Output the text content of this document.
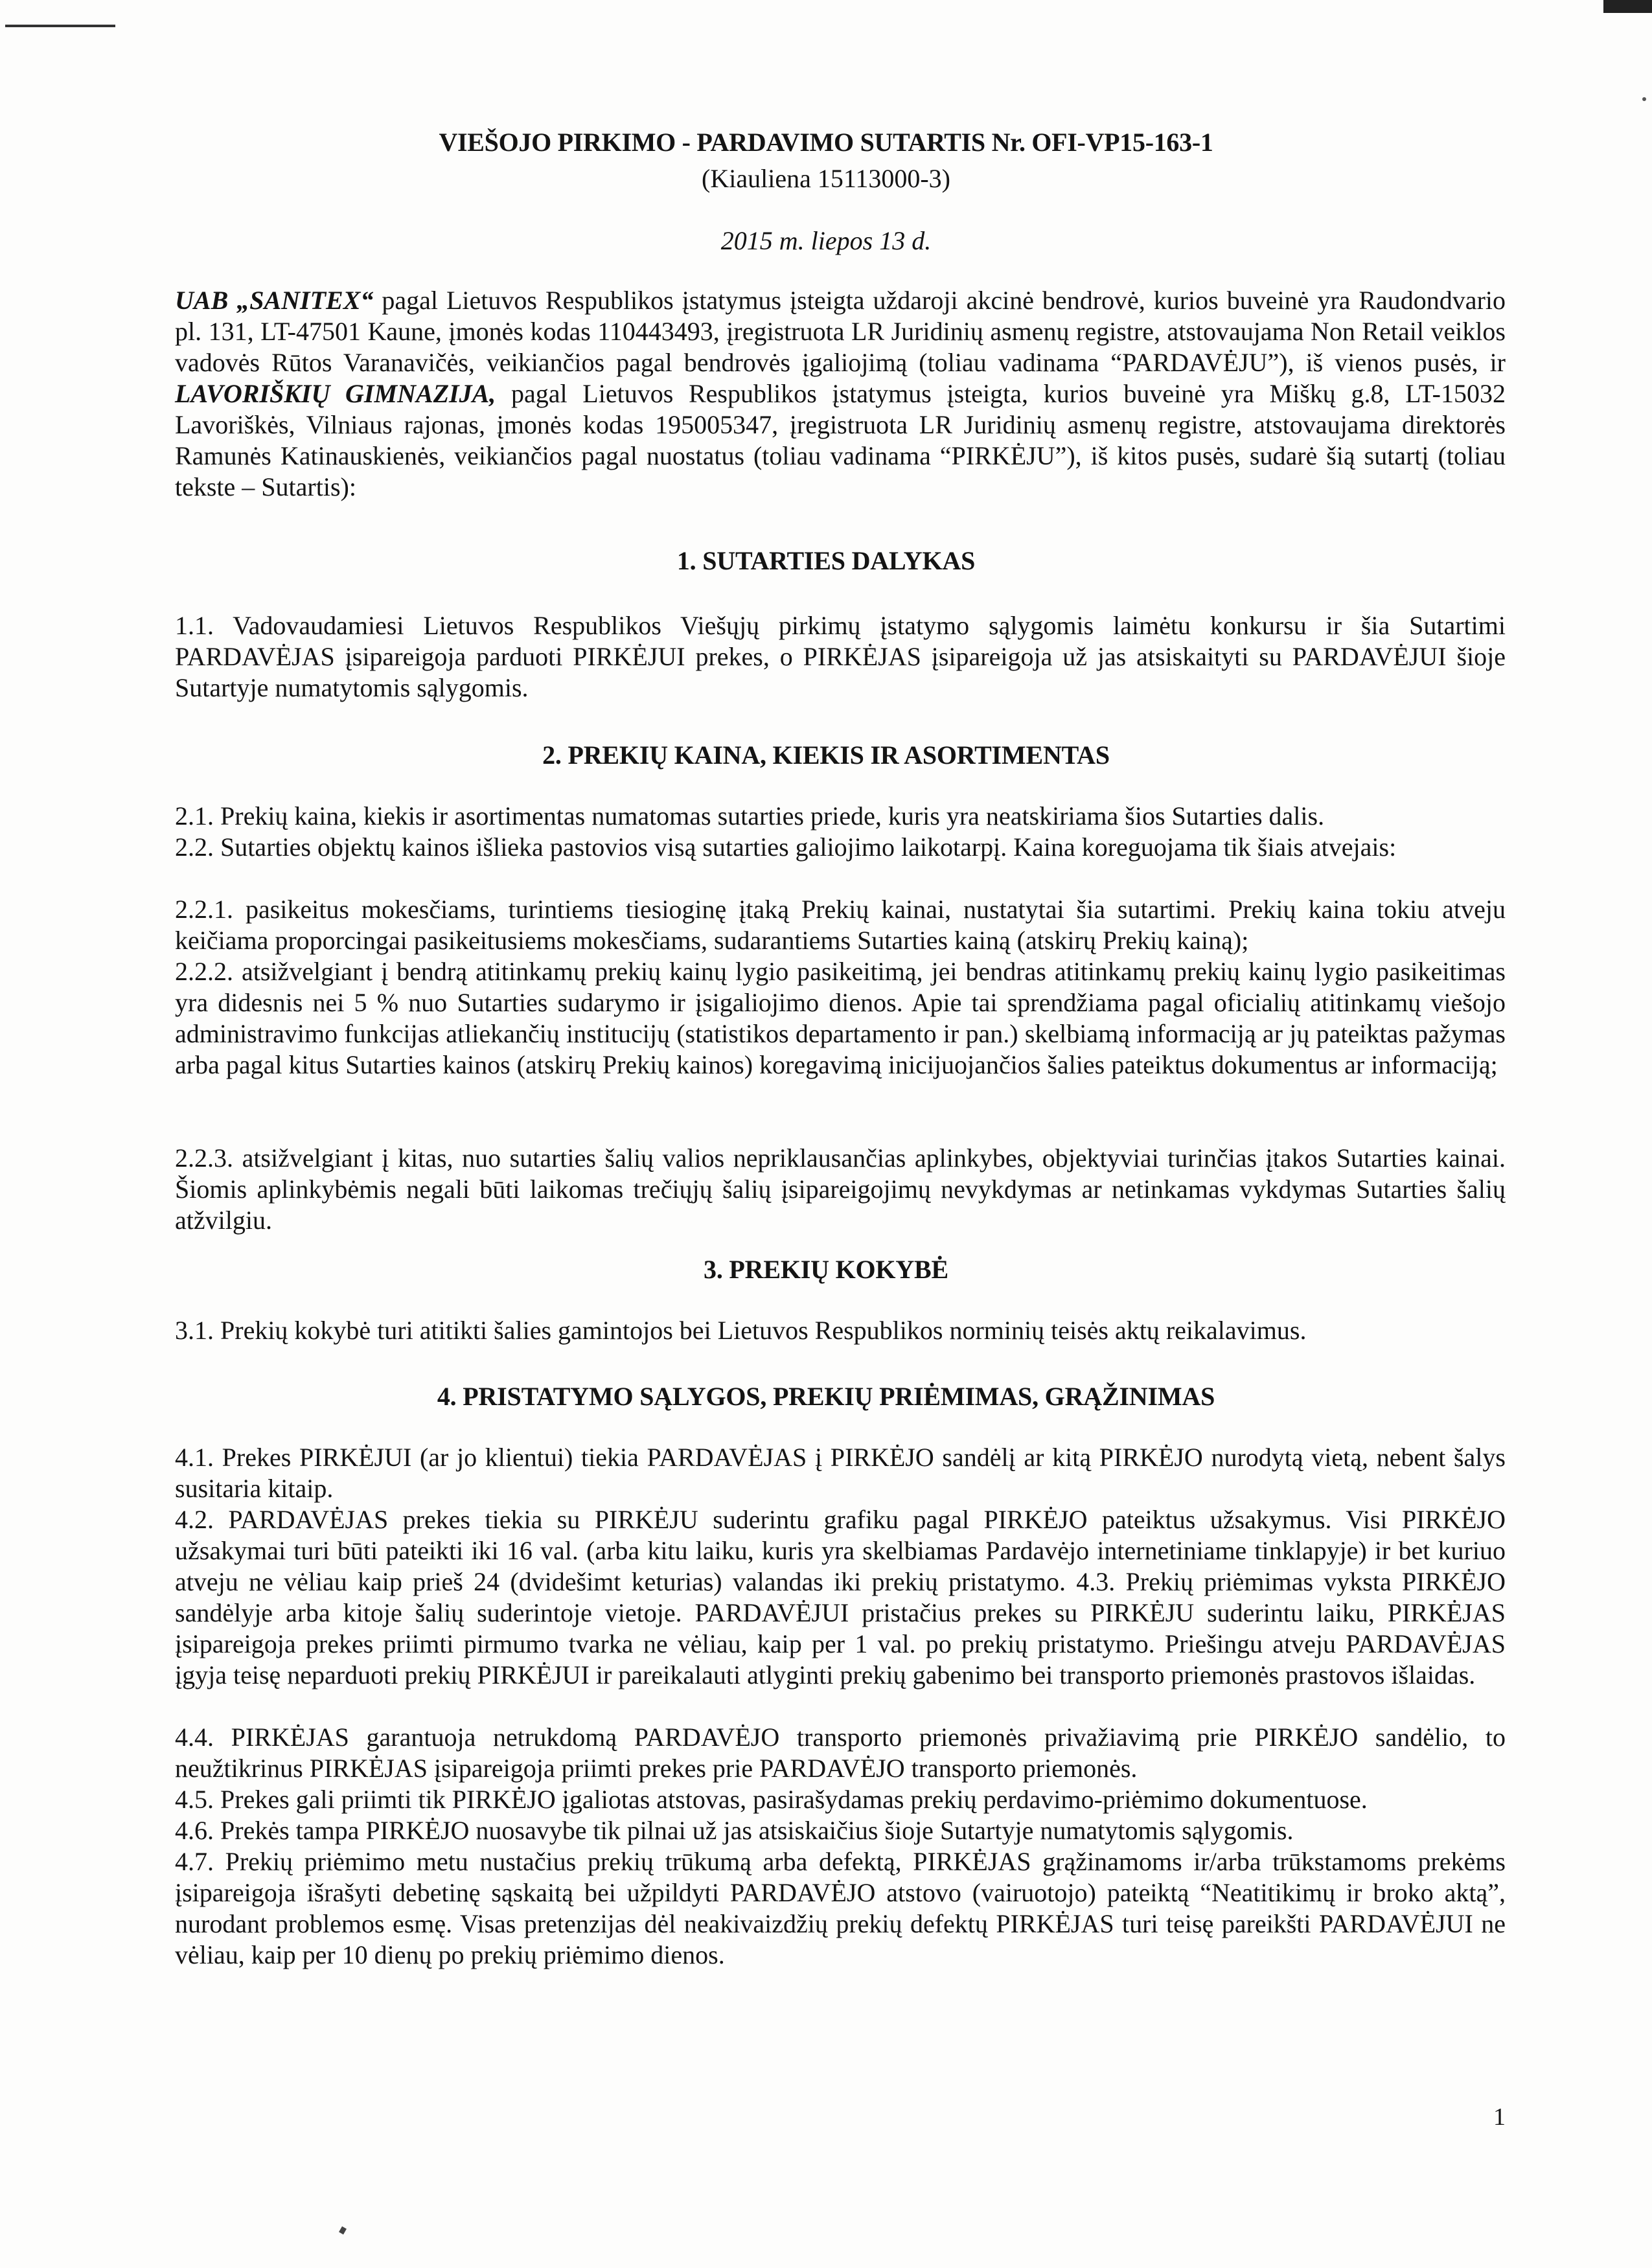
VIEŠOJO PIRKIMO - PARDAVIMO SUTARTIS Nr. OFI-VP15-163-1
(Kiauliena 15113000-3)
2015 m. liepos 13 d.

UAB „SANITEX“ pagal Lietuvos Respublikos įstatymus įsteigta uždaroji akcinė bendrovė, kurios buveinė yra Raudondvario pl. 131, LT-47501 Kaune, įmonės kodas 110443493, įregistruota LR Juridinių asmenų registre, atstovaujama Non Retail veiklos vadovės Rūtos Varanavičės, veikiančios pagal bendrovės įgaliojimą (toliau vadinama “PARDAVĖJU”), iš vienos pusės, ir LAVORIŠKIŲ GIMNAZIJA, pagal Lietuvos Respublikos įstatymus įsteigta, kurios buveinė yra Miškų g.8, LT-15032 Lavoriškės, Vilniaus rajonas, įmonės kodas 195005347, įregistruota LR Juridinių asmenų registre, atstovaujama direktorės Ramunės Katinauskienės, veikiančios pagal nuostatus (toliau vadinama “PIRKĖJU”), iš kitos pusės, sudarė šią sutartį (toliau tekste – Sutartis):

1. SUTARTIES DALYKAS

1.1. Vadovaudamiesi Lietuvos Respublikos Viešųjų pirkimų įstatymo sąlygomis laimėtu konkursu ir šia Sutartimi PARDAVĖJAS įsipareigoja parduoti PIRKĖJUI prekes, o PIRKĖJAS įsipareigoja už jas atsiskaityti su PARDAVĖJUI šioje Sutartyje numatytomis sąlygomis.

2. PREKIŲ KAINA, KIEKIS IR ASORTIMENTAS

2.1. Prekių kaina, kiekis ir asortimentas numatomas sutarties priede, kuris yra neatskiriama šios Sutarties dalis.

2.2. Sutarties objektų kainos išlieka pastovios visą sutarties galiojimo laikotarpį. Kaina koreguojama tik šiais atvejais:

2.2.1. pasikeitus mokesčiams, turintiems tiesioginę įtaką Prekių kainai, nustatytai šia sutartimi. Prekių kaina tokiu atveju keičiama proporcingai pasikeitusiems mokesčiams, sudarantiems Sutarties kainą (atskirų Prekių kainą);

2.2.2. atsižvelgiant į bendrą atitinkamų prekių kainų lygio pasikeitimą, jei bendras atitinkamų prekių kainų lygio pasikeitimas yra didesnis nei 5 % nuo Sutarties sudarymo ir įsigaliojimo dienos. Apie tai sprendžiama pagal oficialių atitinkamų viešojo administravimo funkcijas atliekančių institucijų (statistikos departamento ir pan.) skelbiamą informaciją ar jų pateiktas pažymas arba pagal kitus Sutarties kainos (atskirų Prekių kainos) koregavimą inicijuojančios šalies pateiktus dokumentus ar informaciją;

2.2.3. atsižvelgiant į kitas, nuo sutarties šalių valios nepriklausančias aplinkybes, objektyviai turinčias įtakos Sutarties kainai. Šiomis aplinkybėmis negali būti laikomas trečiųjų šalių įsipareigojimų nevykdymas ar netinkamas vykdymas Sutarties šalių atžvilgiu.

3. PREKIŲ KOKYBĖ

3.1. Prekių kokybė turi atitikti šalies gamintojos bei Lietuvos Respublikos norminių teisės aktų reikalavimus.

4. PRISTATYMO SĄLYGOS, PREKIŲ PRIĖMIMAS, GRĄŽINIMAS

4.1. Prekes PIRKĖJUI (ar jo klientui) tiekia PARDAVĖJAS į PIRKĖJO sandėlį ar kitą PIRKĖJO nurodytą vietą, nebent šalys susitaria kitaip.

4.2. PARDAVĖJAS prekes tiekia su PIRKĖJU suderintu grafiku pagal PIRKĖJO pateiktus užsakymus. Visi PIRKĖJO užsakymai turi būti pateikti iki 16 val. (arba kitu laiku, kuris yra skelbiamas Pardavėjo internetiniame tinklapyje) ir bet kuriuo atveju ne vėliau kaip prieš 24 (dvidešimt keturias) valandas iki prekių pristatymo. 4.3. Prekių priėmimas vyksta PIRKĖJO sandėlyje arba kitoje šalių suderintoje vietoje. PARDAVĖJUI pristačius prekes su PIRKĖJU suderintu laiku, PIRKĖJAS įsipareigoja prekes priimti pirmumo tvarka ne vėliau, kaip per 1 val. po prekių pristatymo. Priešingu atveju PARDAVĖJAS įgyja teisę neparduoti prekių PIRKĖJUI ir pareikalauti atlyginti prekių gabenimo bei transporto priemonės prastovos išlaidas.

4.4. PIRKĖJAS garantuoja netrukdomą PARDAVĖJO transporto priemonės privažiavimą prie PIRKĖJO sandėlio, to neužtikrinus PIRKĖJAS įsipareigoja priimti prekes prie PARDAVĖJO transporto priemonės.

4.5. Prekes gali priimti tik PIRKĖJO įgaliotas atstovas, pasirašydamas prekių perdavimo-priėmimo dokumentuose.

4.6. Prekės tampa PIRKĖJO nuosavybe tik pilnai už jas atsiskaičius šioje Sutartyje numatytomis sąlygomis.

4.7. Prekių priėmimo metu nustačius prekių trūkumą arba defektą, PIRKĖJAS grąžinamoms ir/arba trūkstamoms prekėms įsipareigoja išrašyti debetinę sąskaitą bei užpildyti PARDAVĖJO atstovo (vairuotojo) pateiktą “Neatitikimų ir broko aktą”, nurodant problemos esmę. Visas pretenzijas dėl neakivaizdžių prekių defektų PIRKĖJAS turi teisę pareikšti PARDAVĖJUI ne vėliau, kaip per 10 dienų po prekių priėmimo dienos.

1
